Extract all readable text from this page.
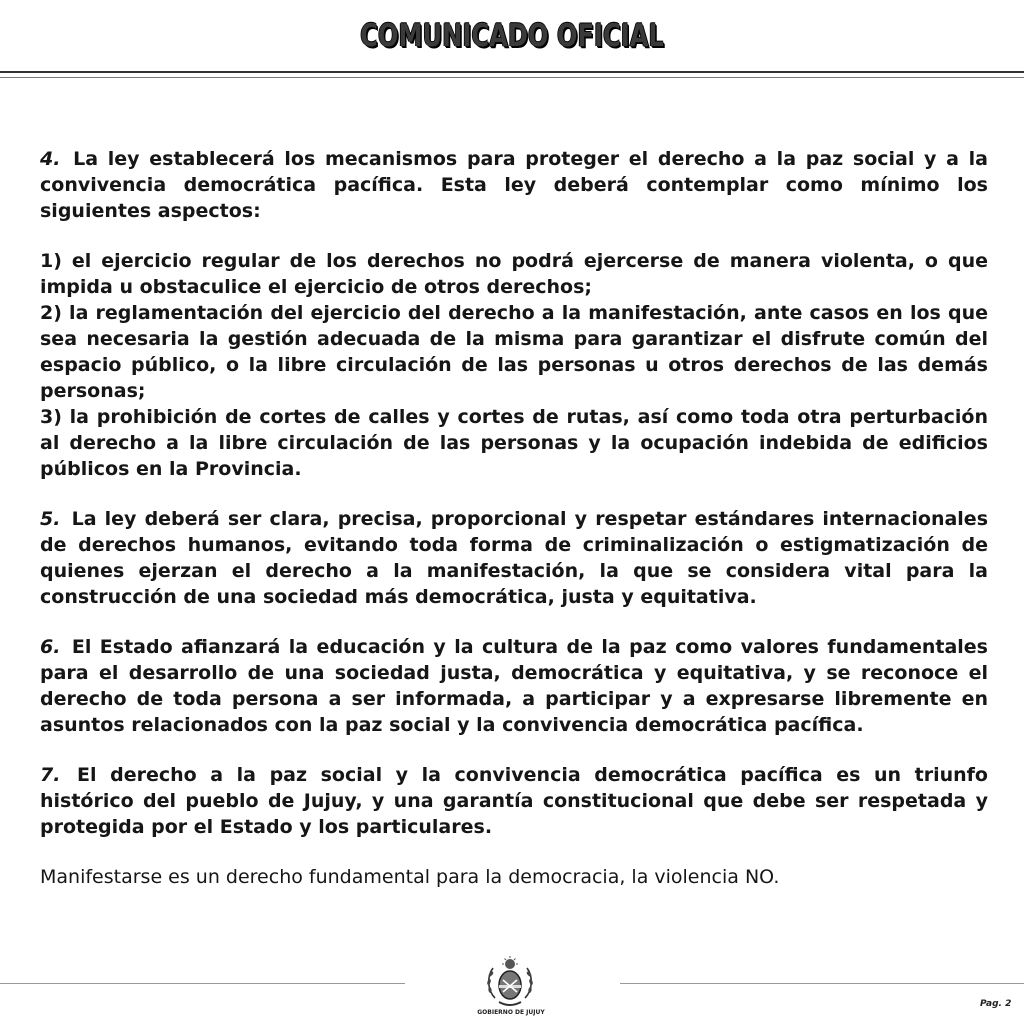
COMUNICADO OFICIAL

4. La ley establecerá los mecanismos para proteger el derecho a la paz social y a la convivencia democrática pacífica. Esta ley deberá contemplar como mínimo los siguientes aspectos:

1) el ejercicio regular de los derechos no podrá ejercerse de manera violenta, o que impida u obstaculice el ejercicio de otros derechos;
2) la reglamentación del ejercicio del derecho a la manifestación, ante casos en los que sea necesaria la gestión adecuada de la misma para garantizar el disfrute común del espacio público, o la libre circulación de las personas u otros derechos de las demás personas;
3) la prohibición de cortes de calles y cortes de rutas, así como toda otra perturbación al derecho a la libre circulación de las personas y la ocupación indebida de edificios públicos en la Provincia.

5. La ley deberá ser clara, precisa, proporcional y respetar estándares internacionales de derechos humanos, evitando toda forma de criminalización o estigmatización de quienes ejerzan el derecho a la manifestación, la que se considera vital para la construcción de una sociedad más democrática, justa y equitativa.

6. El Estado afianzará la educación y la cultura de la paz como valores fundamentales para el desarrollo de una sociedad justa, democrática y equitativa, y se reconoce el derecho de toda persona a ser informada, a participar y a expresarse libremente en asuntos relacionados con la paz social y la convivencia democrática pacífica.

7. El derecho a la paz social y la convivencia democrática pacífica es un triunfo histórico del pueblo de Jujuy, y una garantía constitucional que debe ser respetada y protegida por el Estado y los particulares.

Manifestarse es un derecho fundamental para la democracia, la violencia NO.

GOBIERNO DE JUJUY
Pag. 2
